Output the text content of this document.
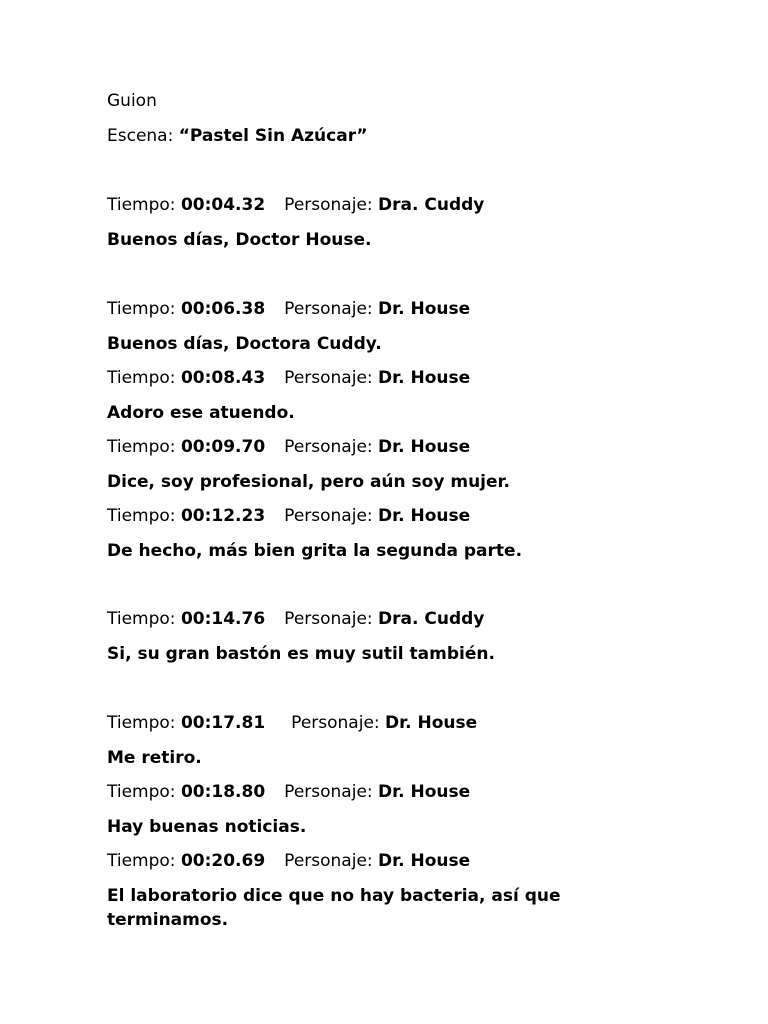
Guion
Escena: “Pastel Sin Azúcar”
Tiempo: 00:04.32 Personaje: Dra. Cuddy
Buenos días, Doctor House.
Tiempo: 00:06.38 Personaje: Dr. House
Buenos días, Doctora Cuddy.
Tiempo: 00:08.43 Personaje: Dr. House
Adoro ese atuendo.
Tiempo: 00:09.70 Personaje: Dr. House
Dice, soy profesional, pero aún soy mujer.
Tiempo: 00:12.23 Personaje: Dr. House
De hecho, más bien grita la segunda parte.
Tiempo: 00:14.76 Personaje: Dra. Cuddy
Si, su gran bastón es muy sutil también.
Tiempo: 00:17.81 Personaje: Dr. House
Me retiro.
Tiempo: 00:18.80 Personaje: Dr. House
Hay buenas noticias.
Tiempo: 00:20.69 Personaje: Dr. House
El laboratorio dice que no hay bacteria, así que terminamos.
